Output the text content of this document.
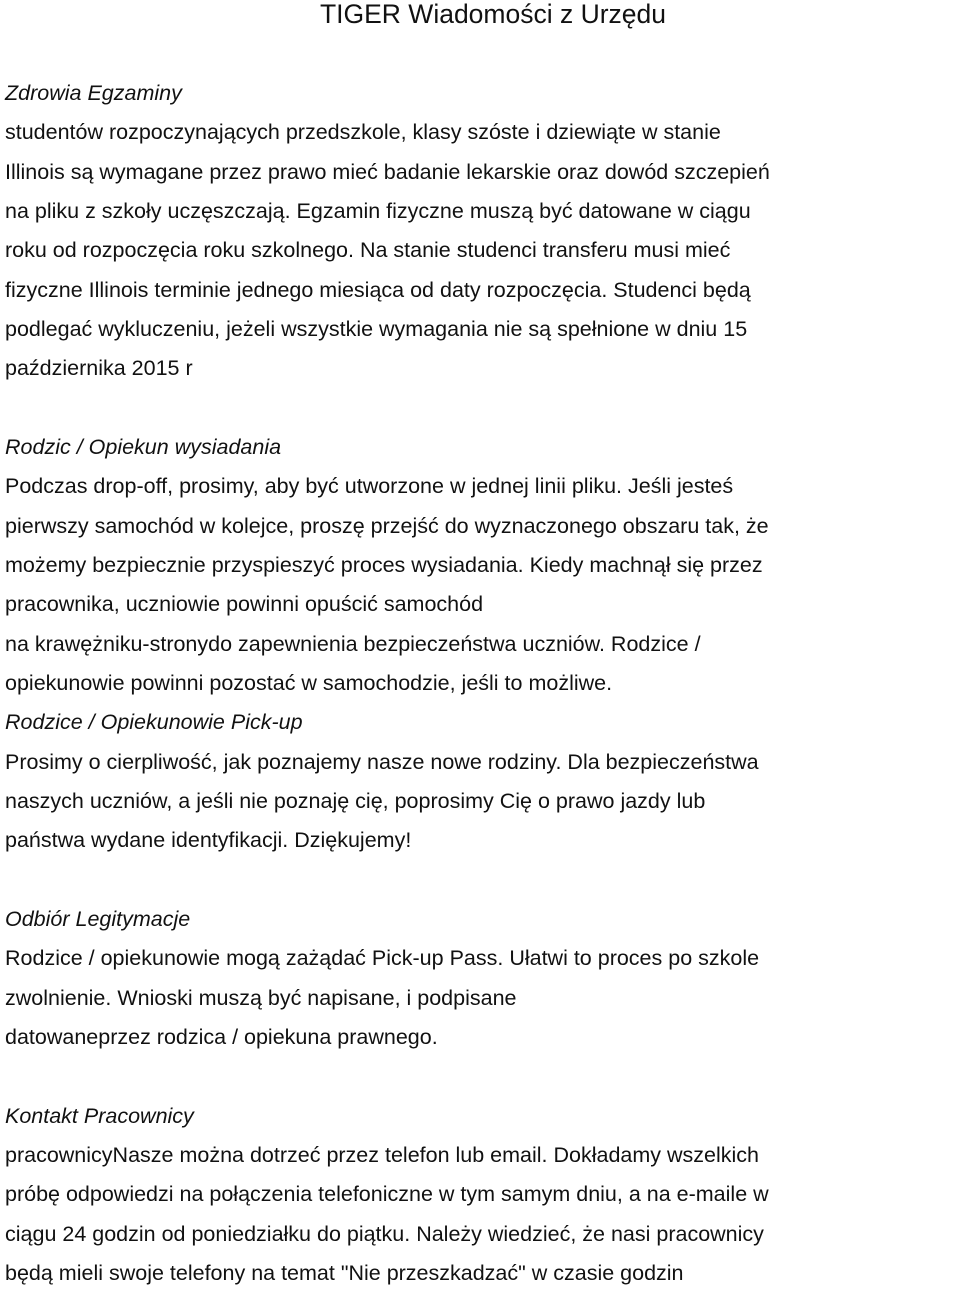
TIGER Wiadomości z Urzędu
Zdrowia Egzaminy
studentów rozpoczynających przedszkole, klasy szóste i dziewiąte w stanie
Illinois są wymagane przez prawo mieć badanie lekarskie oraz dowód szczepień
na pliku z szkoły uczęszczają. Egzamin fizyczne muszą być datowane w ciągu
roku od rozpoczęcia roku szkolnego. Na stanie studenci transferu musi mieć
fizyczne Illinois terminie jednego miesiąca od daty rozpoczęcia. Studenci będą
podlegać wykluczeniu, jeżeli wszystkie wymagania nie są spełnione w dniu 15
października 2015 r
Rodzic / Opiekun wysiadania
Podczas drop-off, prosimy, aby być utworzone w jednej linii pliku. Jeśli jesteś
pierwszy samochód w kolejce, proszę przejść do wyznaczonego obszaru tak, że
możemy bezpiecznie przyspieszyć proces wysiadania. Kiedy machnął się przez
pracownika, uczniowie powinni opuścić samochód
na krawężniku-stronydo zapewnienia bezpieczeństwa uczniów. Rodzice /
opiekunowie powinni pozostać w samochodzie, jeśli to możliwe.
Rodzice / Opiekunowie Pick-up
Prosimy o cierpliwość, jak poznajemy nasze nowe rodziny. Dla bezpieczeństwa
naszych uczniów, a jeśli nie poznaję cię, poprosimy Cię o prawo jazdy lub
państwa wydane identyfikacji. Dziękujemy!
Odbiór Legitymacje
Rodzice / opiekunowie mogą zażądać Pick-up Pass. Ułatwi to proces po szkole
zwolnienie. Wnioski muszą być napisane, i podpisane
datowaneprzez rodzica / opiekuna prawnego.
Kontakt Pracownicy
pracownicyNasze można dotrzeć przez telefon lub email. Dokładamy wszelkich
próbę odpowiedzi na połączenia telefoniczne w tym samym dniu, a na e-maile w
ciągu 24 godzin od poniedziałku do piątku. Należy wiedzieć, że nasi pracownicy
będą mieli swoje telefony na temat "Nie przeszkadzać" w czasie godzin
